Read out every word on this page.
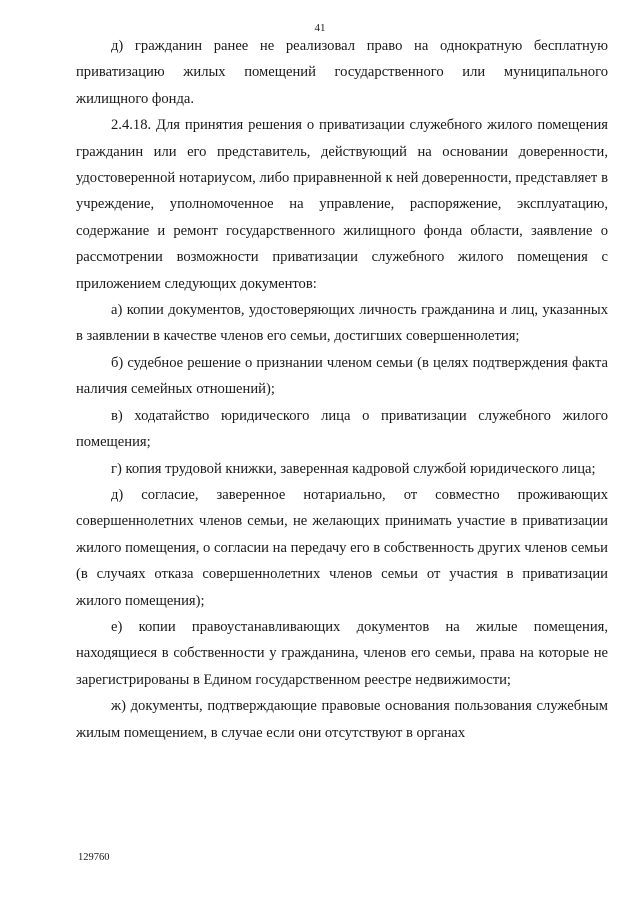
41

д) гражданин ранее не реализовал право на однократную бесплатную приватизацию жилых помещений государственного или муниципального жилищного фонда.

2.4.18. Для принятия решения о приватизации служебного жилого помещения гражданин или его представитель, действующий на основании доверенности, удостоверенной нотариусом, либо приравненной к ней доверенности, представляет в учреждение, уполномоченное на управление, распоряжение, эксплуатацию, содержание и ремонт государственного жилищного фонда области, заявление о рассмотрении возможности приватизации служебного жилого помещения с приложением следующих документов:

а) копии документов, удостоверяющих личность гражданина и лиц, указанных в заявлении в качестве членов его семьи, достигших совершеннолетия;

б) судебное решение о признании членом семьи (в целях подтверждения факта наличия семейных отношений);

в) ходатайство юридического лица о приватизации служебного жилого помещения;

г) копия трудовой книжки, заверенная кадровой службой юридического лица;

д) согласие, заверенное нотариально, от совместно проживающих совершеннолетних членов семьи, не желающих принимать участие в приватизации жилого помещения, о согласии на передачу его в собственность других членов семьи (в случаях отказа совершеннолетних членов семьи от участия в приватизации жилого помещения);

е) копии правоустанавливающих документов на жилые помещения, находящиеся в собственности у гражданина, членов его семьи, права на которые не зарегистрированы в Едином государственном реестре недвижимости;

ж) документы, подтверждающие правовые основания пользования служебным жилым помещением, в случае если они отсутствуют в органах

129760
